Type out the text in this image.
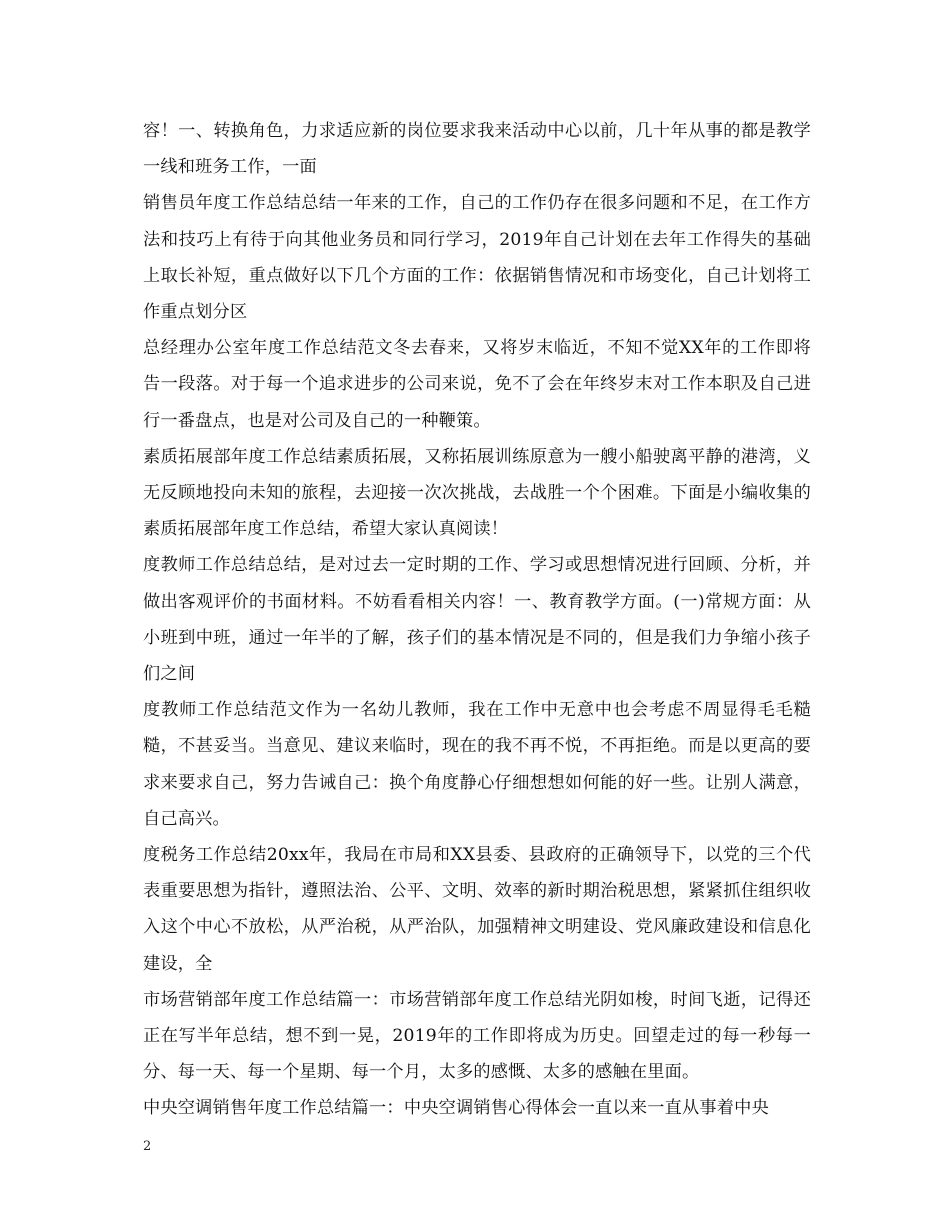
容！一、转换角色，力求适应新的岗位要求我来活动中心以前，几十年从事的都是教学一线和班务工作，一面

销售员年度工作总结总结一年来的工作，自己的工作仍存在很多问题和不足，在工作方法和技巧上有待于向其他业务员和同行学习，2019年自己计划在去年工作得失的基础上取长补短，重点做好以下几个方面的工作：依据销售情况和市场变化，自己计划将工作重点划分区

总经理办公室年度工作总结范文冬去春来，又将岁末临近，不知不觉XX年的工作即将告一段落。对于每一个追求进步的公司来说，免不了会在年终岁末对工作本职及自己进行一番盘点，也是对公司及自己的一种鞭策。

素质拓展部年度工作总结素质拓展，又称拓展训练原意为一艘小船驶离平静的港湾，义无反顾地投向未知的旅程，去迎接一次次挑战，去战胜一个个困难。下面是小编收集的素质拓展部年度工作总结，希望大家认真阅读！

度教师工作总结总结，是对过去一定时期的工作、学习或思想情况进行回顾、分析，并做出客观评价的书面材料。不妨看看相关内容！一、教育教学方面。(一)常规方面：从小班到中班，通过一年半的了解，孩子们的基本情况是不同的，但是我们力争缩小孩子们之间

度教师工作总结范文作为一名幼儿教师，我在工作中无意中也会考虑不周显得毛毛糙糙，不甚妥当。当意见、建议来临时，现在的我不再不悦，不再拒绝。而是以更高的要求来要求自己，努力告诫自己：换个角度静心仔细想想如何能的好一些。让别人满意，自己高兴。

度税务工作总结20xx年，我局在市局和XX县委、县政府的正确领导下，以党的三个代表重要思想为指针，遵照法治、公平、文明、效率的新时期治税思想，紧紧抓住组织收入这个中心不放松，从严治税，从严治队，加强精神文明建设、党风廉政建设和信息化建设，全

市场营销部年度工作总结篇一：市场营销部年度工作总结光阴如梭，时间飞逝，记得还正在写半年总结，想不到一晃，2019年的工作即将成为历史。回望走过的每一秒每一分、每一天、每一个星期、每一个月，太多的感慨、太多的感触在里面。

中央空调销售年度工作总结篇一：中央空调销售心得体会一直以来一直从事着中央

2
